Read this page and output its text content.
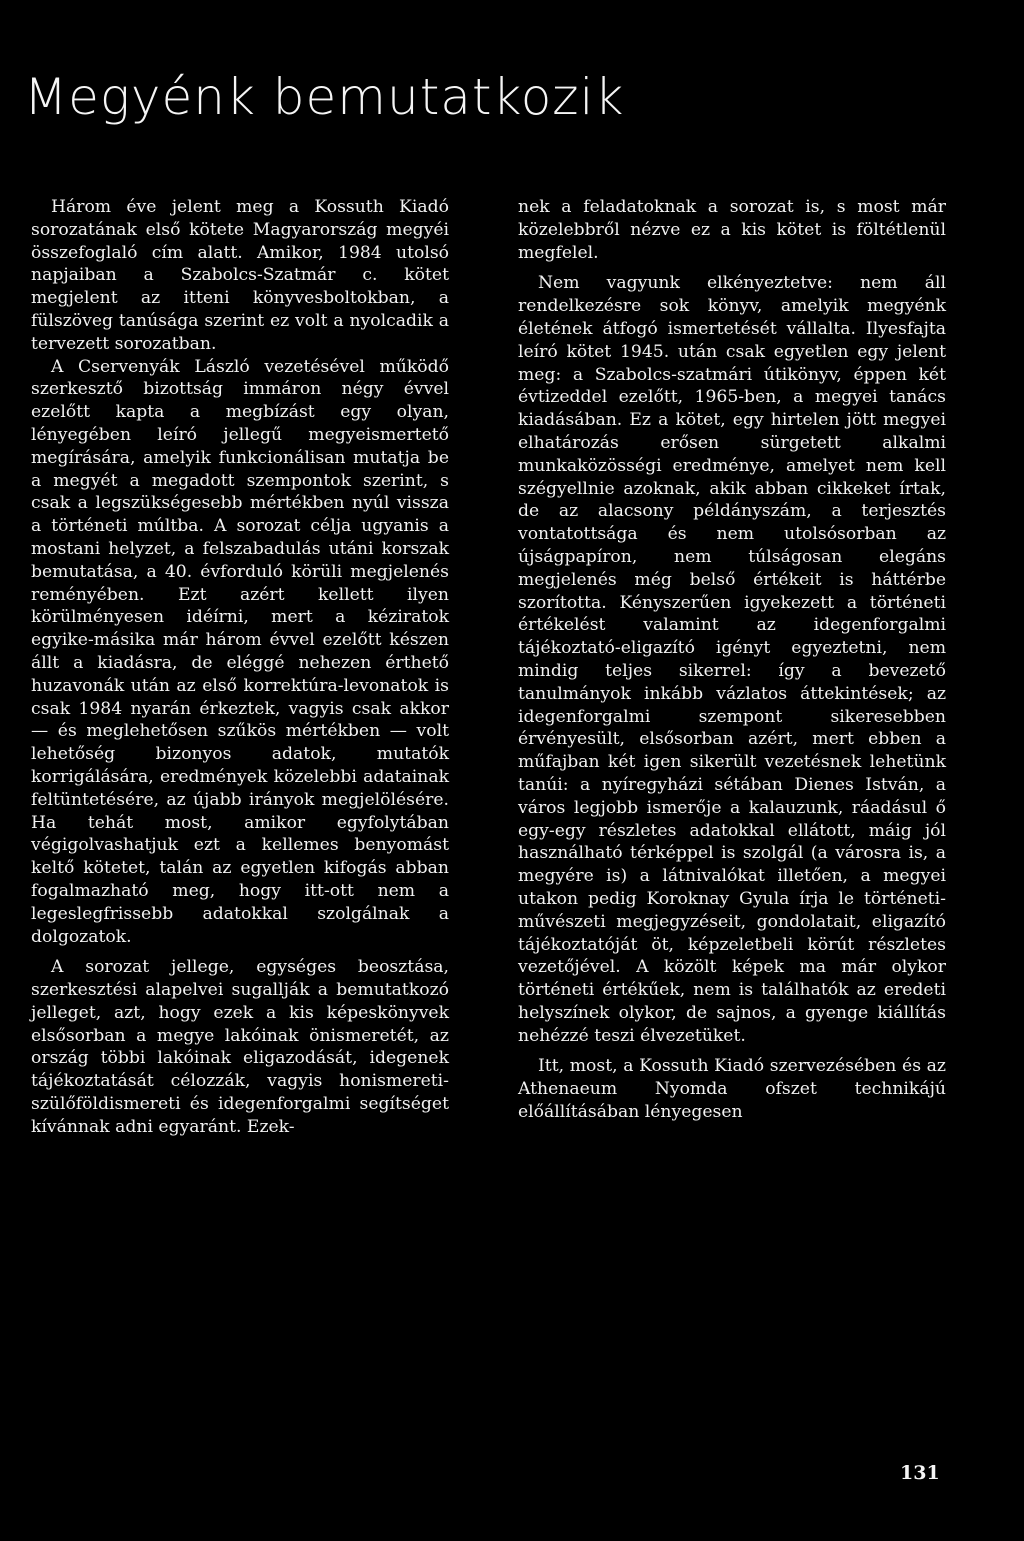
Megyénk bemutatkozik

Három éve jelent meg a Kossuth Kiadó sorozatának első kötete Magyarország megyéi összefoglaló cím alatt. Amikor, 1984 utolsó napjaiban a Szabolcs-Szatmár c. kötet megjelent az itteni könyvesboltokban, a fülszöveg tanúsága szerint ez volt a nyolcadik a tervezett sorozatban.

A Cservenyák László vezetésével működő szerkesztő bizottság immáron négy évvel ezelőtt kapta a megbízást egy olyan, lényegében leíró jellegű megyeismertető megírására, amelyik funkcionálisan mutatja be a megyét a megadott szempontok szerint, s csak a legszükségesebb mértékben nyúl vissza a történeti múltba. A sorozat célja ugyanis a mostani helyzet, a felszabadulás utáni korszak bemutatása, a 40. évforduló körüli megjelenés reményében. Ezt azért kellett ilyen körülményesen idéírni, mert a kéziratok egyike-másika már három évvel ezelőtt készen állt a kiadásra, de eléggé nehezen érthető huzavonák után az első korrektúra-levonatok is csak 1984 nyarán érkeztek, vagyis csak akkor — és meglehetősen szűkös mértékben — volt lehetőség bizonyos adatok, mutatók korrigálására, eredmények közelebbi adatainak feltüntetésére, az újabb irányok megjelölésére. Ha tehát most, amikor egyfolytában végigolvashatjuk ezt a kellemes benyomást keltő kötetet, talán az egyetlen kifogás abban fogalmazható meg, hogy itt-ott nem a legeslegfrissebb adatokkal szolgálnak a dolgozatok.

A sorozat jellege, egységes beosztása, szerkesztési alapelvei sugallják a bemutatkozó jelleget, azt, hogy ezek a kis képeskönyvek elsősorban a megye lakóinak önismeretét, az ország többi lakóinak eligazodását, idegenek tájékoztatását célozzák, vagyis honismereti-szülőföldismereti és idegenforgalmi segítséget kívánnak adni egyaránt. Ezek-

nek a feladatoknak a sorozat is, s most már közelebbről nézve ez a kis kötet is föltétlenül megfelel.

Nem vagyunk elkényeztetve: nem áll rendelkezésre sok könyv, amelyik megyénk életének átfogó ismertetését vállalta. Ilyesfajta leíró kötet 1945. után csak egyetlen egy jelent meg: a Szabolcs-szatmári útikönyv, éppen két évtizeddel ezelőtt, 1965-ben, a megyei tanács kiadásában. Ez a kötet, egy hirtelen jött megyei elhatározás erősen sürgetett alkalmi munkaközösségi eredménye, amelyet nem kell szégyellnie azoknak, akik abban cikkeket írtak, de az alacsony példányszám, a terjesztés vontatottsága és nem utolsósorban az újságpapíron, nem túlságosan elegáns megjelenés még belső értékeit is háttérbe szorította. Kényszerűen igyekezett a történeti értékelést valamint az idegenforgalmi tájékoztató-eligazító igényt egyeztetni, nem mindig teljes sikerrel: így a bevezető tanulmányok inkább vázlatos áttekintések; az idegenforgalmi szempont sikeresebben érvényesült, elsősorban azért, mert ebben a műfajban két igen sikerült vezetésnek lehetünk tanúi: a nyíregyházi sétában Dienes István, a város legjobb ismerője a kalauzunk, ráadásul ő egy-egy részletes adatokkal ellátott, máig jól használható térképpel is szolgál (a városra is, a megyére is) a látnivalókat illetően, a megyei utakon pedig Koroknay Gyula írja le történeti-művészeti megjegyzéseit, gondolatait, eligazító tájékoztatóját öt, képzeletbeli körút részletes vezetőjével. A közölt képek ma már olykor történeti értékűek, nem is találhatók az eredeti helyszínek olykor, de sajnos, a gyenge kiállítás nehézzé teszi élvezetüket.

Itt, most, a Kossuth Kiadó szervezésében és az Athenaeum Nyomda ofszet technikájú előállításában lényegesen

131
